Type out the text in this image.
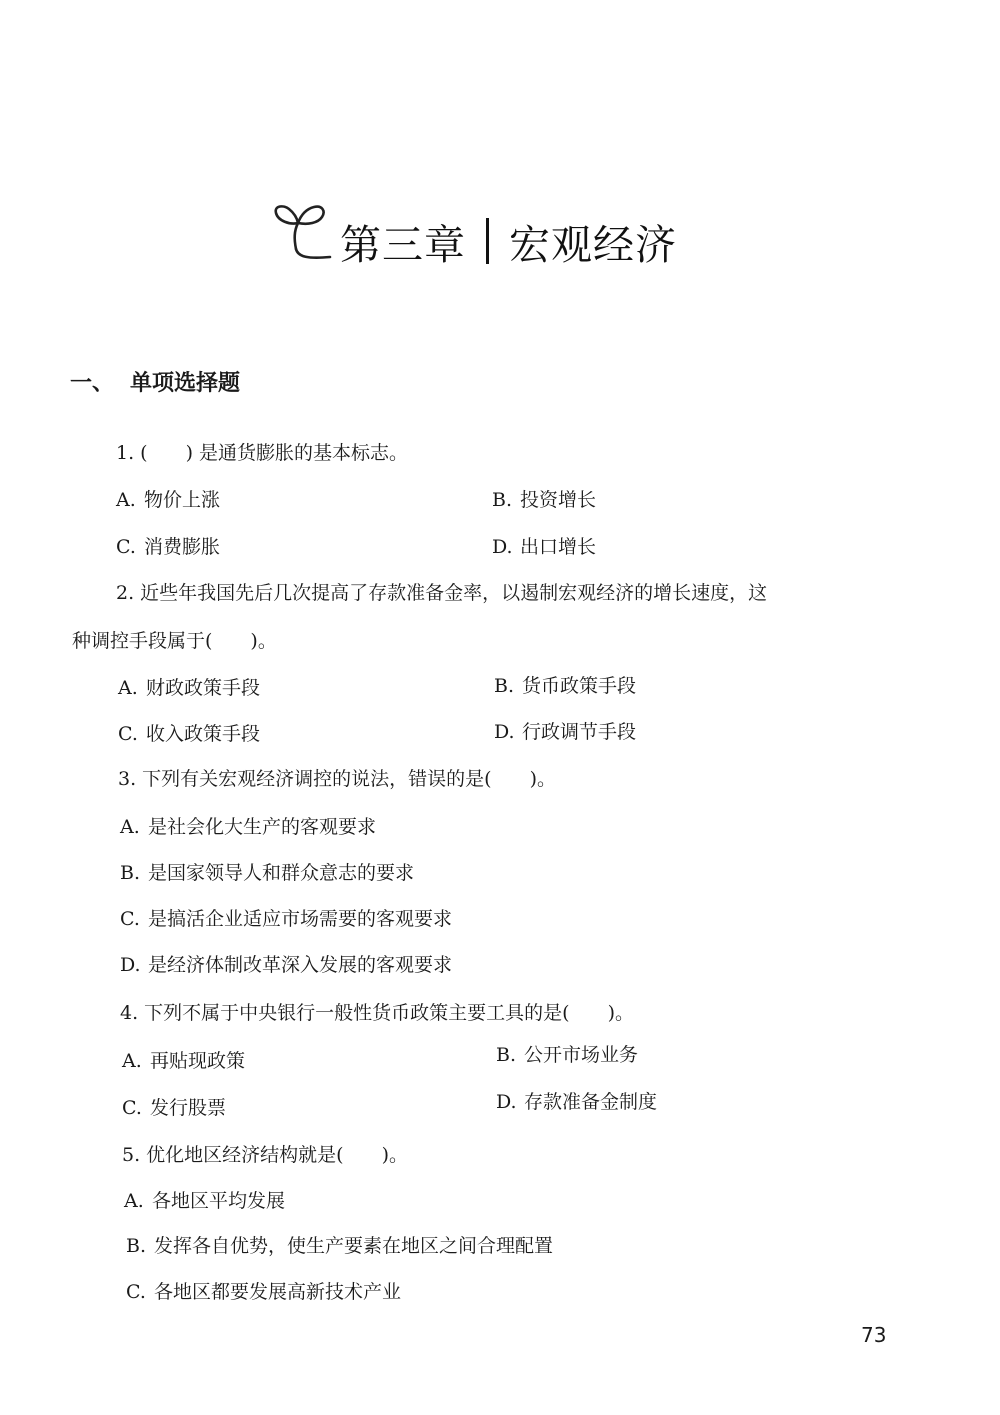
第三章 宏观经济
一、 单项选择题
1. (　　) 是通货膨胀的基本标志。
A. 物价上涨	B. 投资增长
C. 消费膨胀	D. 出口增长
2. 近些年我国先后几次提高了存款准备金率，以遏制宏观经济的增长速度，这
种调控手段属于(　　)。
A. 财政政策手段	B. 货币政策手段
C. 收入政策手段	D. 行政调节手段
3. 下列有关宏观经济调控的说法，错误的是(　　)。
A. 是社会化大生产的客观要求
B. 是国家领导人和群众意志的要求
C. 是搞活企业适应市场需要的客观要求
D. 是经济体制改革深入发展的客观要求
4. 下列不属于中央银行一般性货币政策主要工具的是(　　)。
A. 再贴现政策	B. 公开市场业务
C. 发行股票	D. 存款准备金制度
5. 优化地区经济结构就是(　　)。
A. 各地区平均发展
B. 发挥各自优势，使生产要素在地区之间合理配置
C. 各地区都要发展高新技术产业
73
